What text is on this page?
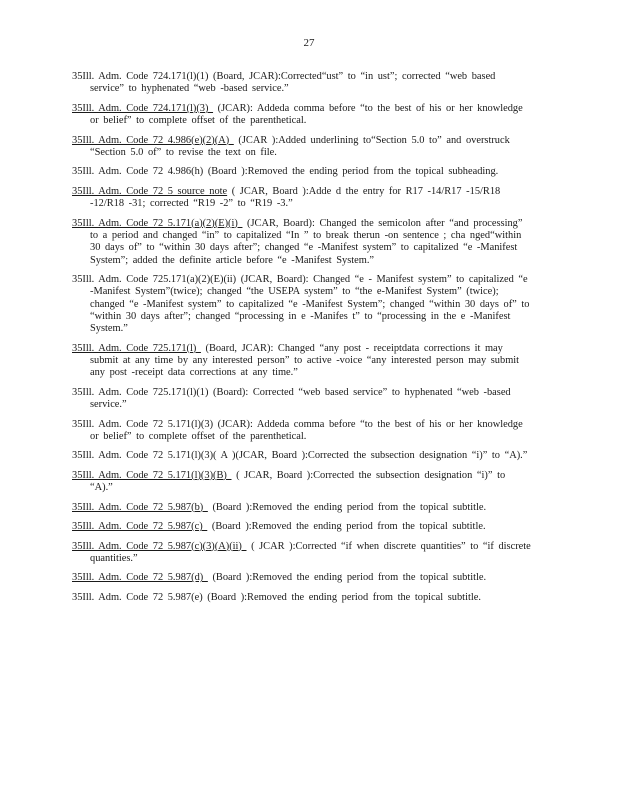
27

35Ill. Adm. Code 724.171(l)(1) (Board, JCAR):Corrected“ust” to “in ust”; corrected “web based service” to hyphenated “web -based service.”

35Ill. Adm. Code 724.171(l)(3)  (JCAR): Addeda comma before “to the best of his or her knowledge or belief” to complete offset of the parenthetical.

35Ill. Adm. Code 72 4.986(e)(2)(A)  (JCAR ):Added underlining to“Section 5.0 to” and overstruck “Section 5.0 of” to revise the text on file.

35Ill. Adm. Code 72 4.986(h) (Board ):Removed the ending period from the topical subheading.

35Ill. Adm. Code 72 5 source note ( JCAR, Board ):Adde d the entry for R17 -14/R17 -15/R18 -12/R18 -31; corrected “R19 -2” to “R19 -3.”

35Ill. Adm. Code 72 5.171(a)(2)(E)(i)  (JCAR, Board): Changed the semicolon after “and processing” to a period and changed “in” to capitalized “In ” to break therun -on sentence ; cha nged“within 30 days of” to “within 30 days after”; changed “e -Manifest system” to capitalized “e -Manifest System”; added the definite article before “e -Manifest System.”

35Ill. Adm. Code 725.171(a)(2)(E)(ii) (JCAR, Board): Changed “e - Manifest system” to capitalized “e -Manifest System”(twice); changed “the USEPA system” to “the e-Manifest System” (twice); changed “e -Manifest system” to capitalized “e -Manifest System”; changed “within 30 days of” to “within 30 days after”; changed “processing in e -Manifes t” to “processing in the e -Manifest System.”

35Ill. Adm. Code 725.171(l)  (Board, JCAR): Changed “any post - receiptdata corrections it may submit at any time by any interested person” to active -voice “any interested person may submit any post -receipt data corrections at any time.”

35Ill. Adm. Code 725.171(l)(1) (Board): Corrected “web based service” to hyphenated “web -based service.”

35Ill. Adm. Code 72 5.171(l)(3) (JCAR): Addeda comma before “to the best of his or her knowledge or belief” to complete offset of the parenthetical.

35Ill. Adm. Code 72 5.171(l)(3)( A )(JCAR, Board ):Corrected the subsection designation “i)” to “A).”

35Ill. Adm. Code 72 5.171(l)(3)(B)  ( JCAR, Board ):Corrected the subsection designation “i)” to “A).”

35Ill. Adm. Code 72 5.987(b)  (Board ):Removed the ending period from the topical subtitle.

35Ill. Adm. Code 72 5.987(c)  (Board ):Removed the ending period from the topical subtitle.

35Ill. Adm. Code 72 5.987(c)(3)(A)(ii)  ( JCAR ):Corrected “if when discrete quantities” to “if discrete quantities.”

35Ill. Adm. Code 72 5.987(d)  (Board ):Removed the ending period from the topical subtitle.

35Ill. Adm. Code 72 5.987(e) (Board ):Removed the ending period from the topical subtitle.
